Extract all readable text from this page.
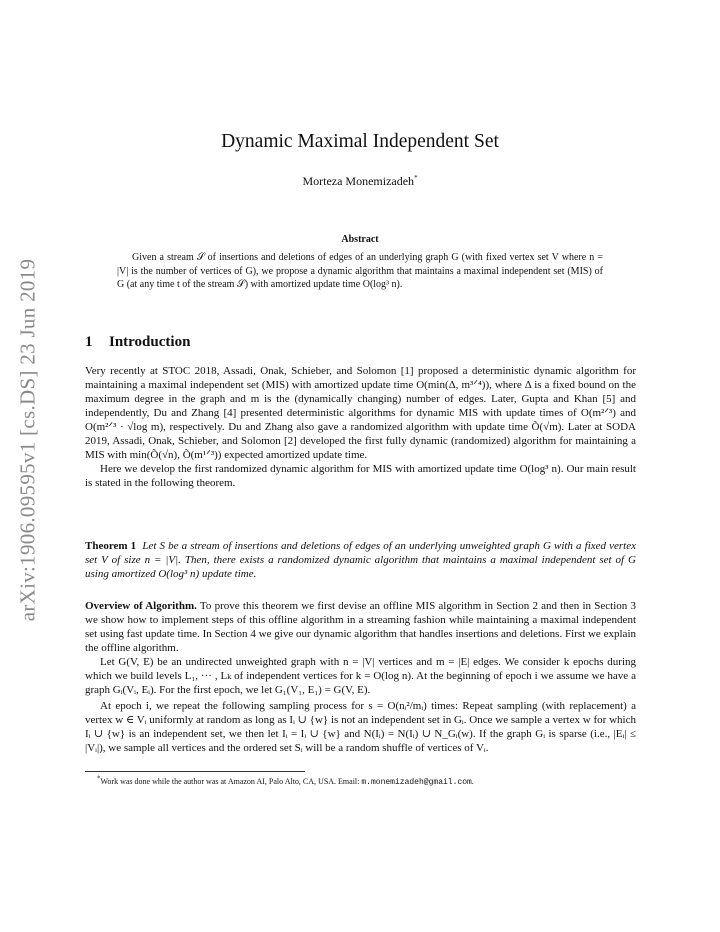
arXiv:1906.09595v1 [cs.DS] 23 Jun 2019
Dynamic Maximal Independent Set
Morteza Monemizadeh*
Abstract
Given a stream 𝒮 of insertions and deletions of edges of an underlying graph G (with fixed vertex set V where n = |V| is the number of vertices of G), we propose a dynamic algorithm that maintains a maximal independent set (MIS) of G (at any time t of the stream 𝒮) with amortized update time O(log³ n).
1 Introduction

Very recently at STOC 2018, Assadi, Onak, Schieber, and Solomon [1] proposed a deterministic dynamic algorithm for maintaining a maximal independent set (MIS) with amortized update time O(min(Δ, m³ᐟ⁴)), where Δ is a fixed bound on the maximum degree in the graph and m is the (dynamically changing) number of edges. Later, Gupta and Khan [5] and independently, Du and Zhang [4] presented deterministic algorithms for dynamic MIS with update times of O(m²ᐟ³) and O(m²ᐟ³ · √log m), respectively. Du and Zhang also gave a randomized algorithm with update time Õ(√m). Later at SODA 2019, Assadi, Onak, Schieber, and Solomon [2] developed the first fully dynamic (randomized) algorithm for maintaining a MIS with min(Õ(√n), Õ(m¹ᐟ³)) expected amortized update time.

Here we develop the first randomized dynamic algorithm for MIS with amortized update time O(log³ n). Our main result is stated in the following theorem.

Theorem 1 Let S be a stream of insertions and deletions of edges of an underlying unweighted graph G with a fixed vertex set V of size n = |V|. Then, there exists a randomized dynamic algorithm that maintains a maximal independent set of G using amortized O(log³ n) update time.

Overview of Algorithm. To prove this theorem we first devise an offline MIS algorithm in Section 2 and then in Section 3 we show how to implement steps of this offline algorithm in a streaming fashion while maintaining a maximal independent set using fast update time. In Section 4 we give our dynamic algorithm that handles insertions and deletions. First we explain the offline algorithm.

Let G(V, E) be an undirected unweighted graph with n = |V| vertices and m = |E| edges. We consider k epochs during which we build levels L₁, ··· , Lₖ of independent vertices for k = O(log n). At the beginning of epoch i we assume we have a graph Gᵢ(Vᵢ, Eᵢ). For the first epoch, we let G₁(V₁, E₁) = G(V, E).

At epoch i, we repeat the following sampling process for s = O(nᵢ²/mᵢ) times: Repeat sampling (with replacement) a vertex w ∈ Vᵢ uniformly at random as long as Iᵢ ∪ {w} is not an independent set in Gᵢ. Once we sample a vertex w for which Iᵢ ∪ {w} is an independent set, we then let Iᵢ = Iᵢ ∪ {w} and N(Iᵢ) = N(Iᵢ) ∪ N_Gᵢ(w). If the graph Gᵢ is sparse (i.e., |Eᵢ| ≤ |Vᵢ|), we sample all vertices and the ordered set Sᵢ will be a random shuffle of vertices of Vᵢ.

*Work was done while the author was at Amazon AI, Palo Alto, CA, USA. Email: m.monemizadeh@gmail.com.
